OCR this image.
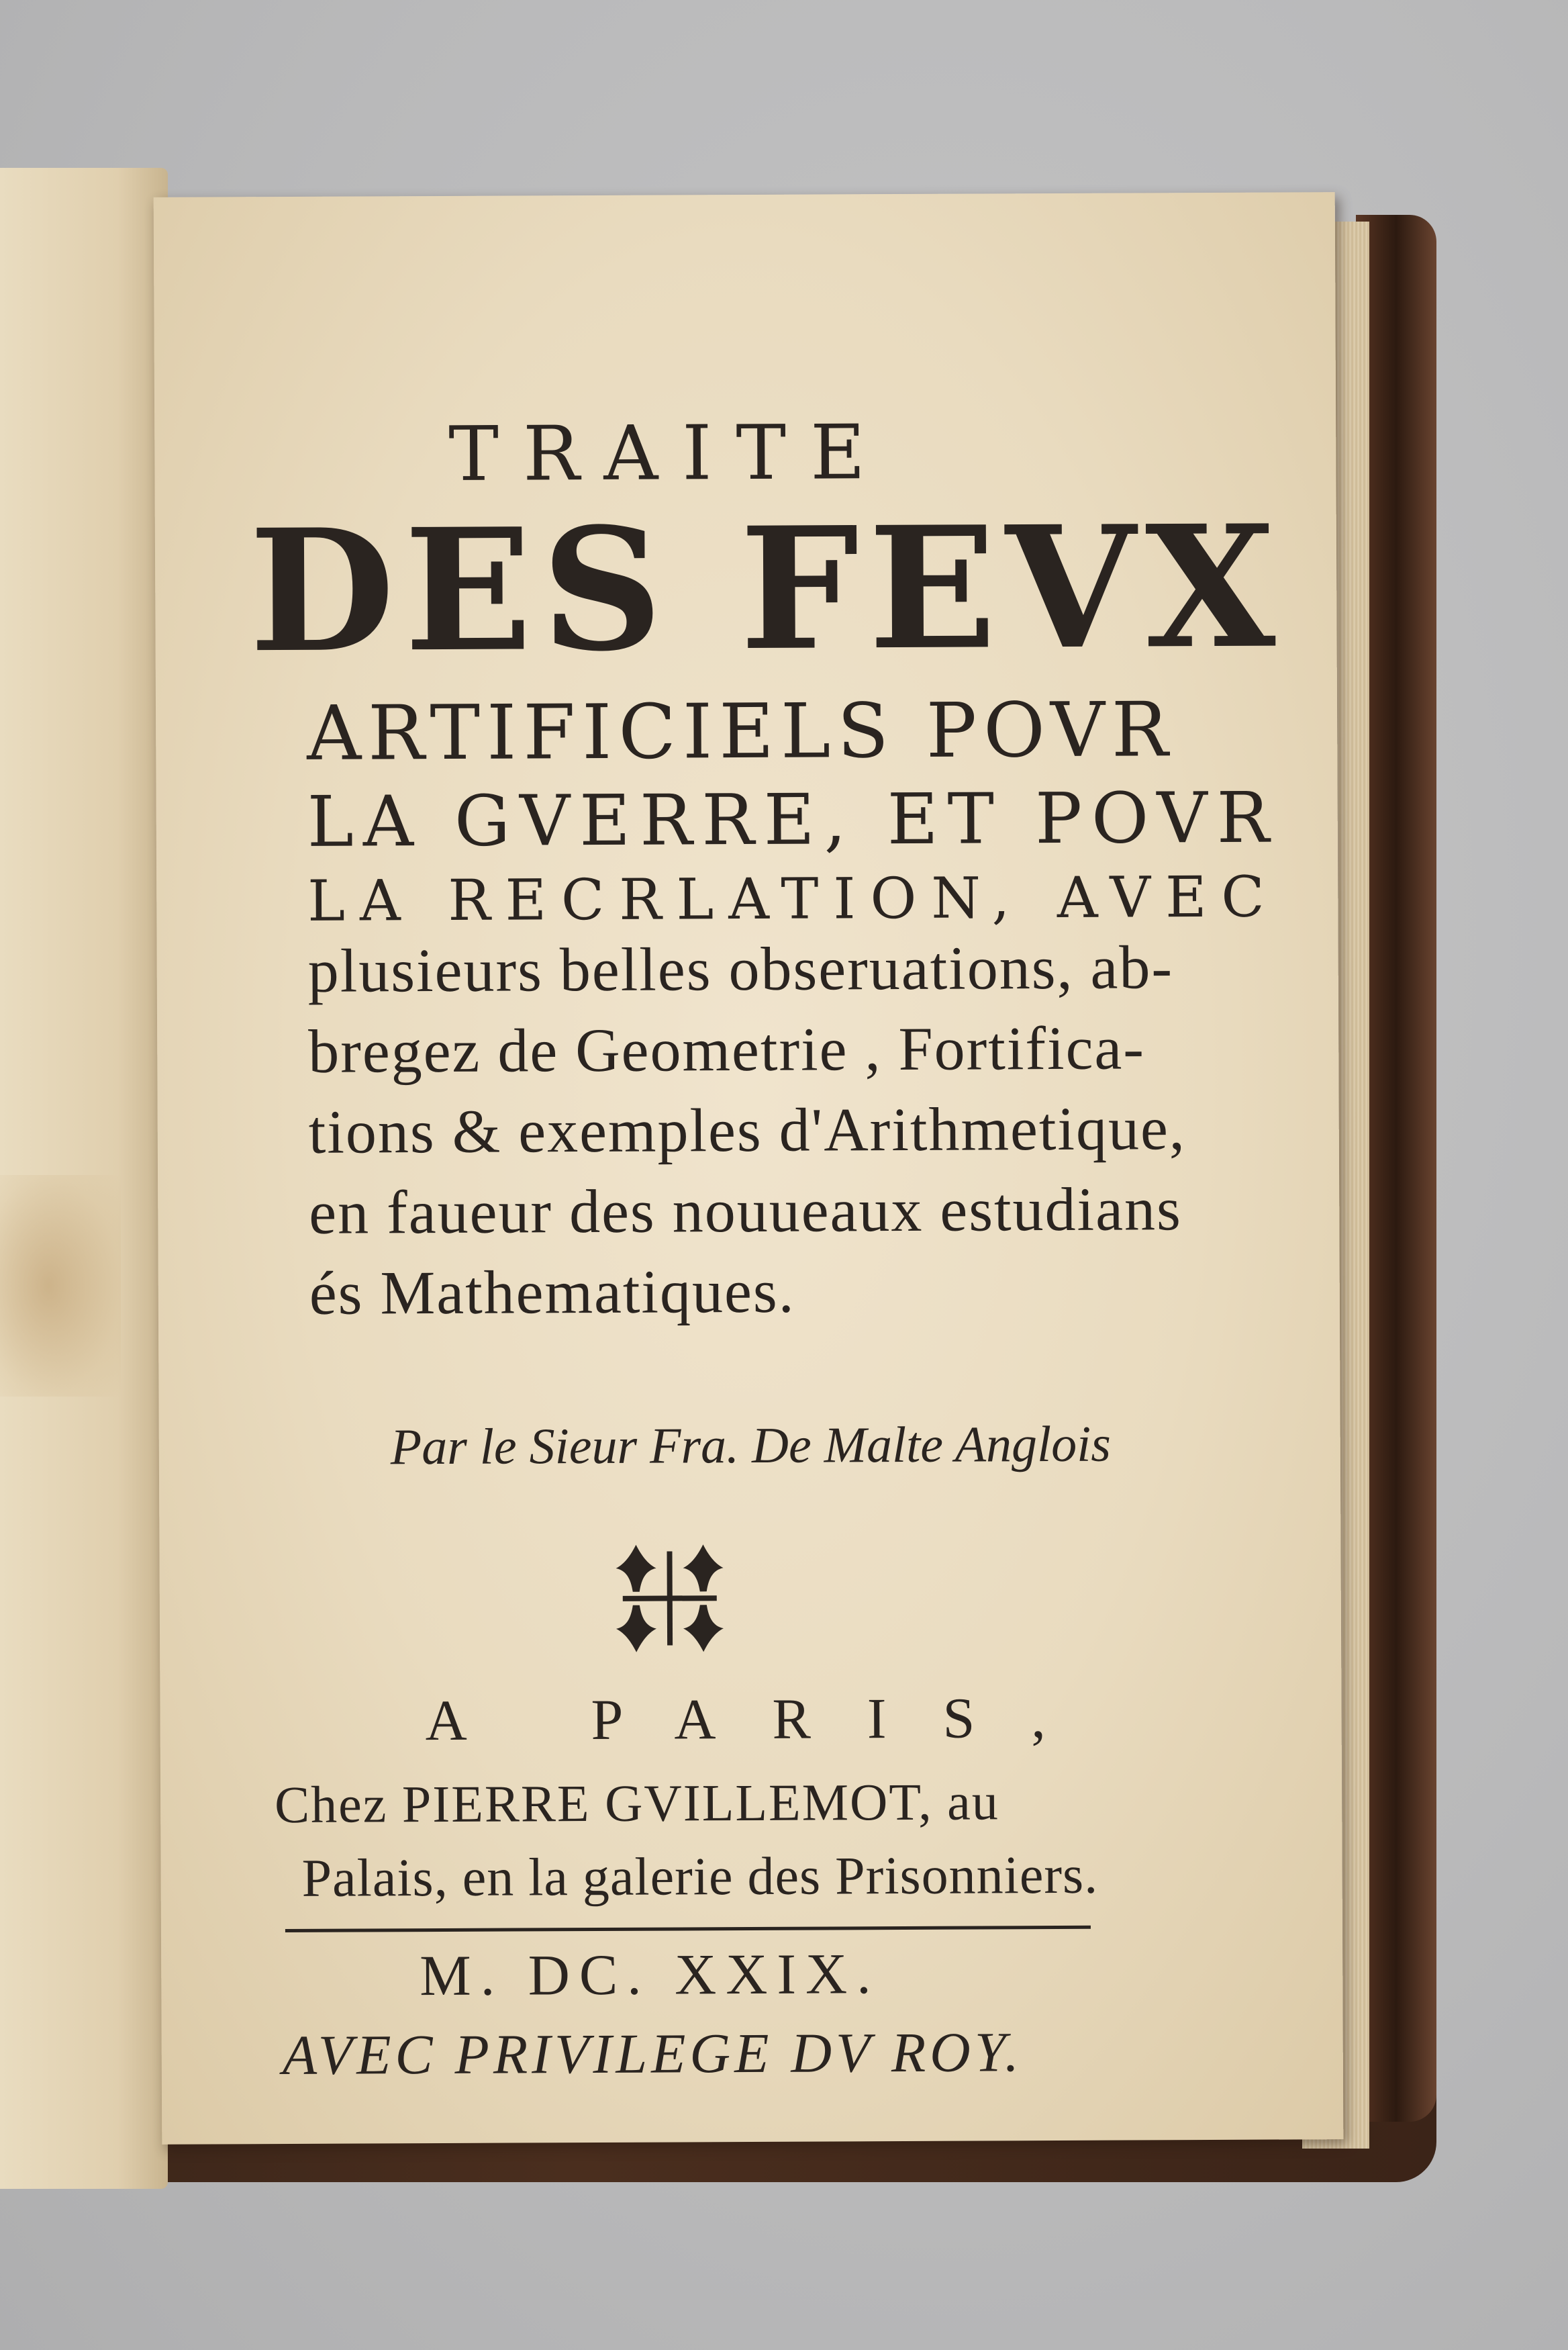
TRAITE
DES FEVX
ARTIFICIELS POVR
LA GVERRE, ET POVR
LA RECRLATION, AVEC
plusieurs belles obseruations, ab-
bregez de Geometrie , Fortifica-
tions & exemples d'Arithmetique,
en faueur des nouueaux estudians
és Mathematiques.
Par le Sieur Fra. De Malte Anglois
A PARIS,
Chez PIERRE GVILLEMOT, au
Palais, en la galerie des Prisonniers.
M. DC. XXIX.
AVEC PRIVILEGE DV ROY.
